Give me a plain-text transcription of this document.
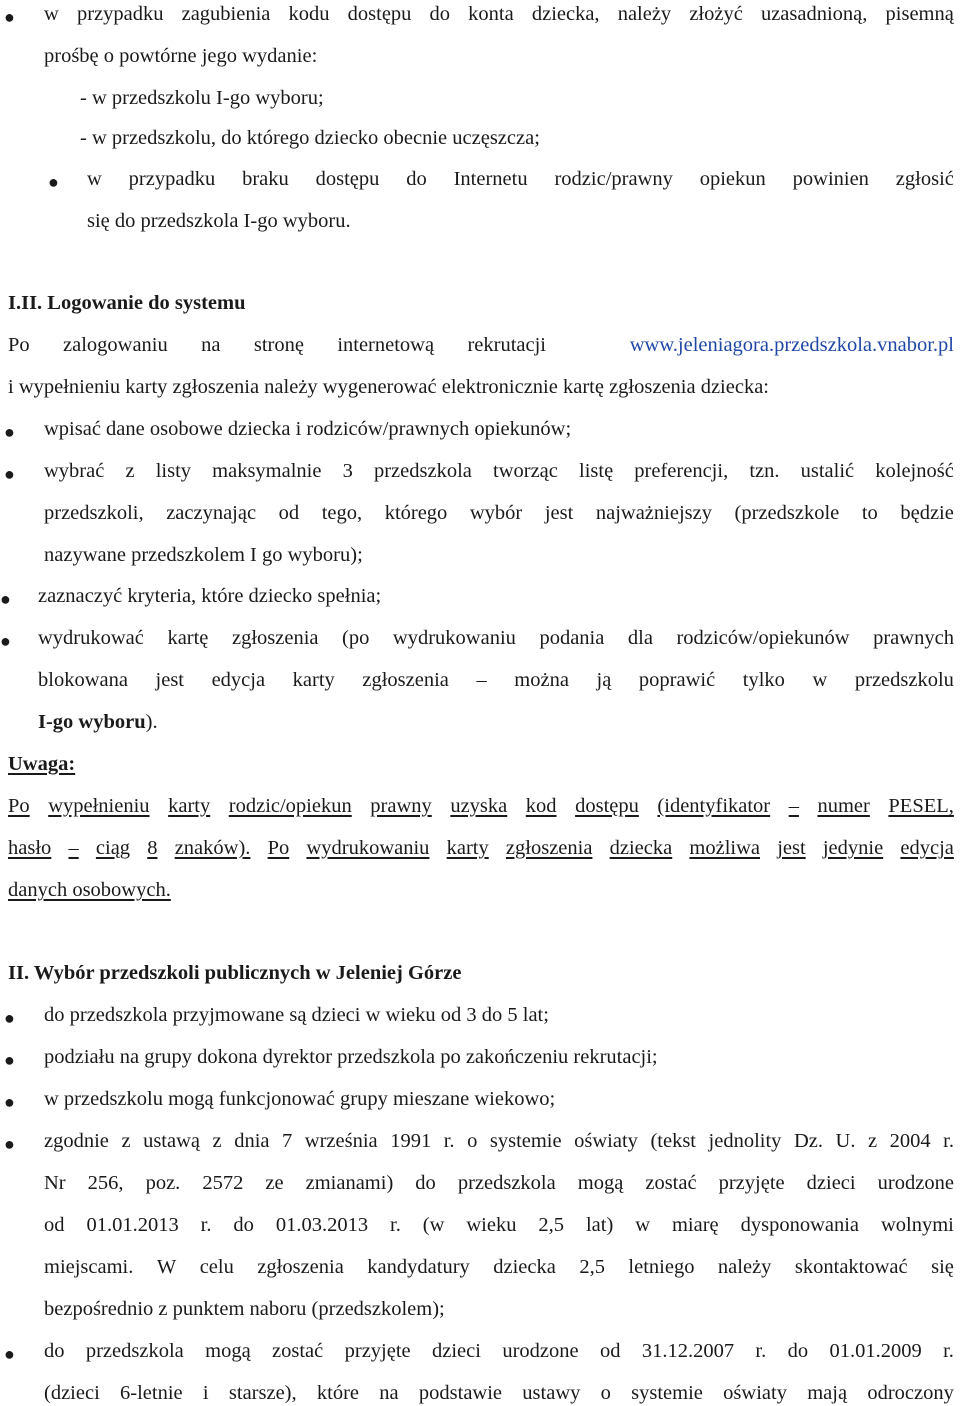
● w przypadku zagubienia kodu dostępu do konta dziecka, należy złożyć uzasadnioną, pisemną
prośbę o powtórne jego wydanie:
- w przedszkolu I-go wyboru;
- w przedszkolu, do którego dziecko obecnie uczęszcza;
● w przypadku braku dostępu do Internetu rodzic/prawny opiekun powinien zgłosić
się do przedszkola I-go wyboru.
I.II. Logowanie do systemu
Po zalogowaniu na stronę internetową rekrutacji	www.jeleniagora.przedszkola.vnabor.pl
i wypełnieniu karty zgłoszenia należy wygenerować elektronicznie kartę zgłoszenia dziecka:
● wpisać dane osobowe dziecka i rodziców/prawnych opiekunów;
● wybrać z listy maksymalnie 3 przedszkola tworząc listę preferencji, tzn. ustalić kolejność
przedszkoli, zaczynając od tego, którego wybór jest najważniejszy (przedszkole to będzie
nazywane przedszkolem I go wyboru);
● zaznaczyć kryteria, które dziecko spełnia;
● wydrukować kartę zgłoszenia (po wydrukowaniu podania dla rodziców/opiekunów prawnych
blokowana jest edycja karty zgłoszenia – można ją poprawić tylko w przedszkolu
I-go wyboru).
Uwaga:
Po wypełnieniu karty rodzic/opiekun prawny uzyska kod dostępu (identyfikator – numer PESEL,
hasło – ciąg 8 znaków). Po wydrukowaniu karty zgłoszenia dziecka możliwa jest jedynie edycja
danych osobowych.
II. Wybór przedszkoli publicznych w Jeleniej Górze
● do przedszkola przyjmowane są dzieci w wieku od 3 do 5 lat;
● podziału na grupy dokona dyrektor przedszkola po zakończeniu rekrutacji;
● w przedszkolu mogą funkcjonować grupy mieszane wiekowo;
● zgodnie z ustawą z dnia 7 września 1991 r. o systemie oświaty (tekst jednolity Dz. U. z 2004 r.
Nr 256, poz. 2572 ze zmianami) do przedszkola mogą zostać przyjęte dzieci urodzone
od 01.01.2013 r. do 01.03.2013 r. (w wieku 2,5 lat) w miarę dysponowania wolnymi
miejscami. W celu zgłoszenia kandydatury dziecka 2,5 letniego należy skontaktować się
bezpośrednio z punktem naboru (przedszkolem);
● do przedszkola mogą zostać przyjęte dzieci urodzone od 31.12.2007 r. do 01.01.2009 r.
(dzieci 6-letnie i starsze), które na podstawie ustawy o systemie oświaty mają odroczony
